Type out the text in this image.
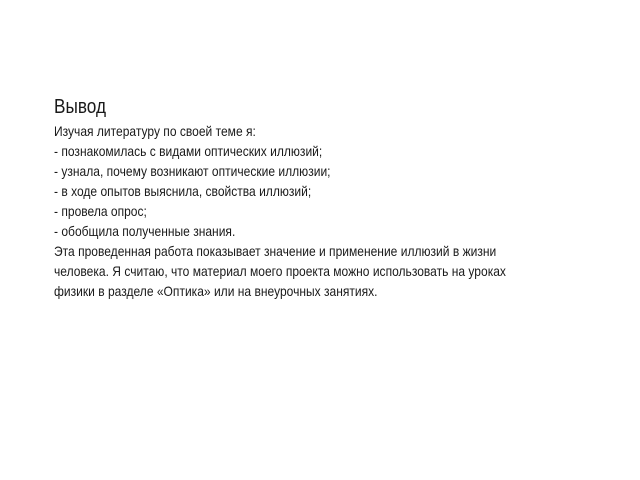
Вывод
Изучая литературу по своей теме я:
- познакомилась с видами оптических иллюзий;
- узнала, почему возникают оптические иллюзии;
- в ходе опытов выяснила, свойства иллюзий;
- провела опрос;
- обобщила полученные знания.
Эта проведенная работа показывает значение и применение иллюзий в жизни
человека. Я считаю, что материал моего проекта можно использовать на уроках
физики в разделе «Оптика» или на внеурочных занятиях.
